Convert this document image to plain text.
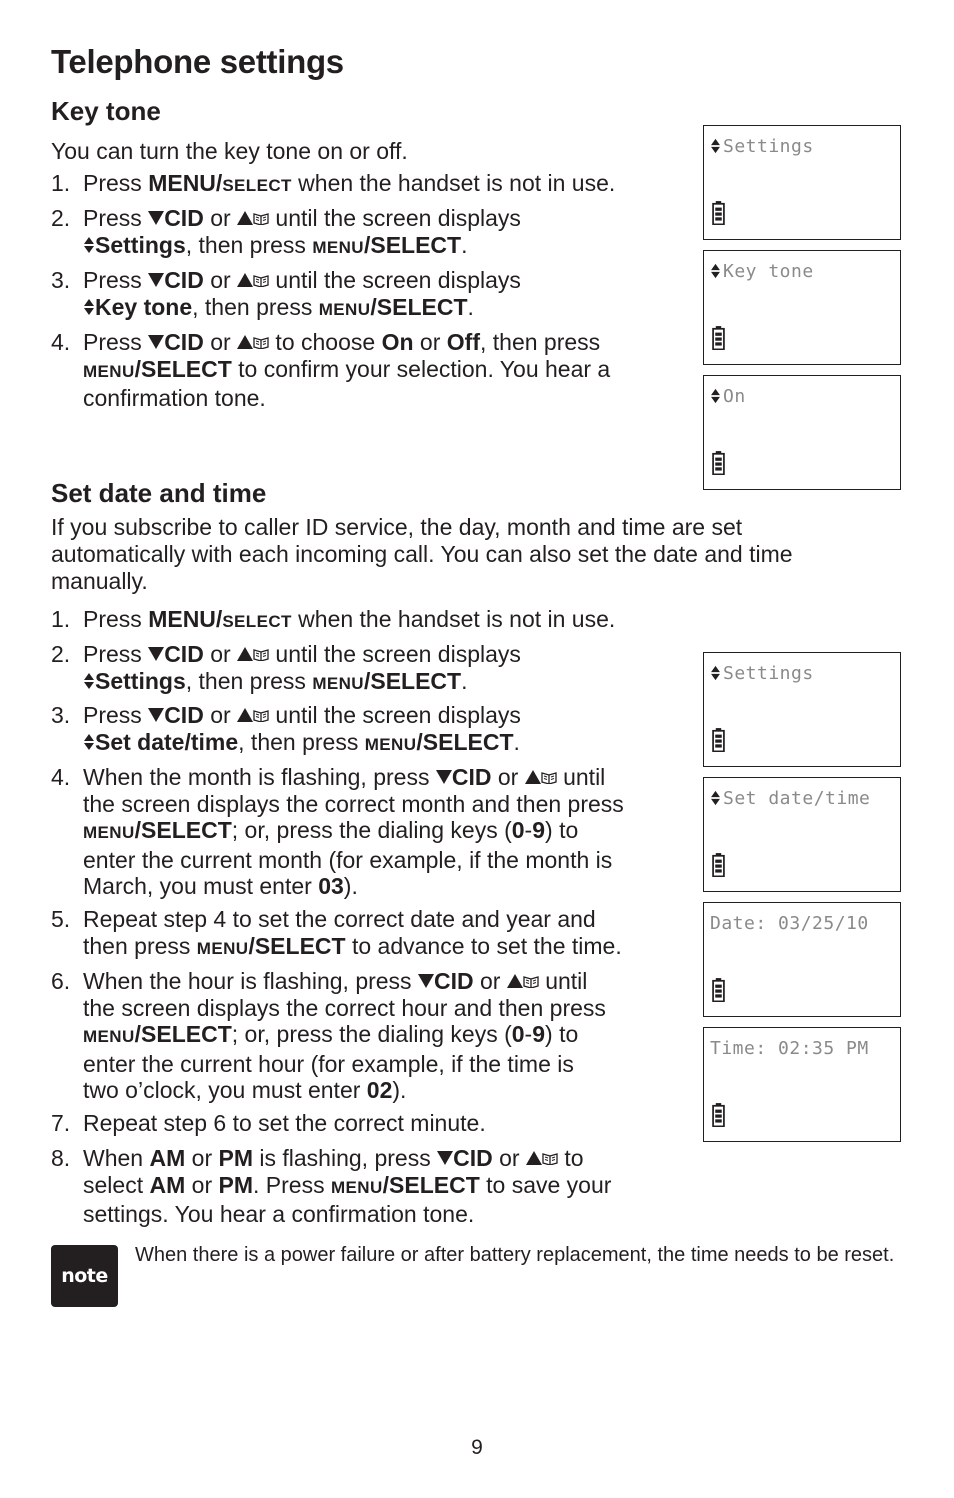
Telephone settings
Key tone

You can turn the key tone on or off.

1. Press MENU/SELECT when the handset is not in use.
2. Press CID or  until the screen displays
Settings, then press MENU/SELECT.
3. Press CID or  until the screen displays
Key tone, then press MENU/SELECT.
4. Press CID or  to choose On or Off, then press
MENU/SELECT to confirm your selection. You hear a
confirmation tone.
Settings
Key tone
On
Set date and time

If you subscribe to caller ID service, the day, month and time are set automatically with each incoming call. You can also set the date and time manually.

1. Press MENU/SELECT when the handset is not in use.
2. Press CID or  until the screen displays
Settings, then press MENU/SELECT.
3. Press CID or  until the screen displays
Set date/time, then press MENU/SELECT.
4. When the month is flashing, press CID or  until
the screen displays the correct month and then press
MENU/SELECT; or, press the dialing keys (0-9) to
enter the current month (for example, if the month is
March, you must enter 03).
5. Repeat step 4 to set the correct date and year and
then press MENU/SELECT to advance to set the time.
6. When the hour is flashing, press CID or  until
the screen displays the correct hour and then press
MENU/SELECT; or, press the dialing keys (0-9) to
enter the current hour (for example, if the time is
two o’clock, you must enter 02).
7. Repeat step 6 to set the correct minute.
8. When AM or PM is flashing, press CID or  to
select AM or PM. Press MENU/SELECT to save your
settings. You hear a confirmation tone.
Settings
Set date/time
Date: 03/25/10
Time: 02:35 PM
note

When there is a power failure or after battery replacement, the time needs to be reset.

9
